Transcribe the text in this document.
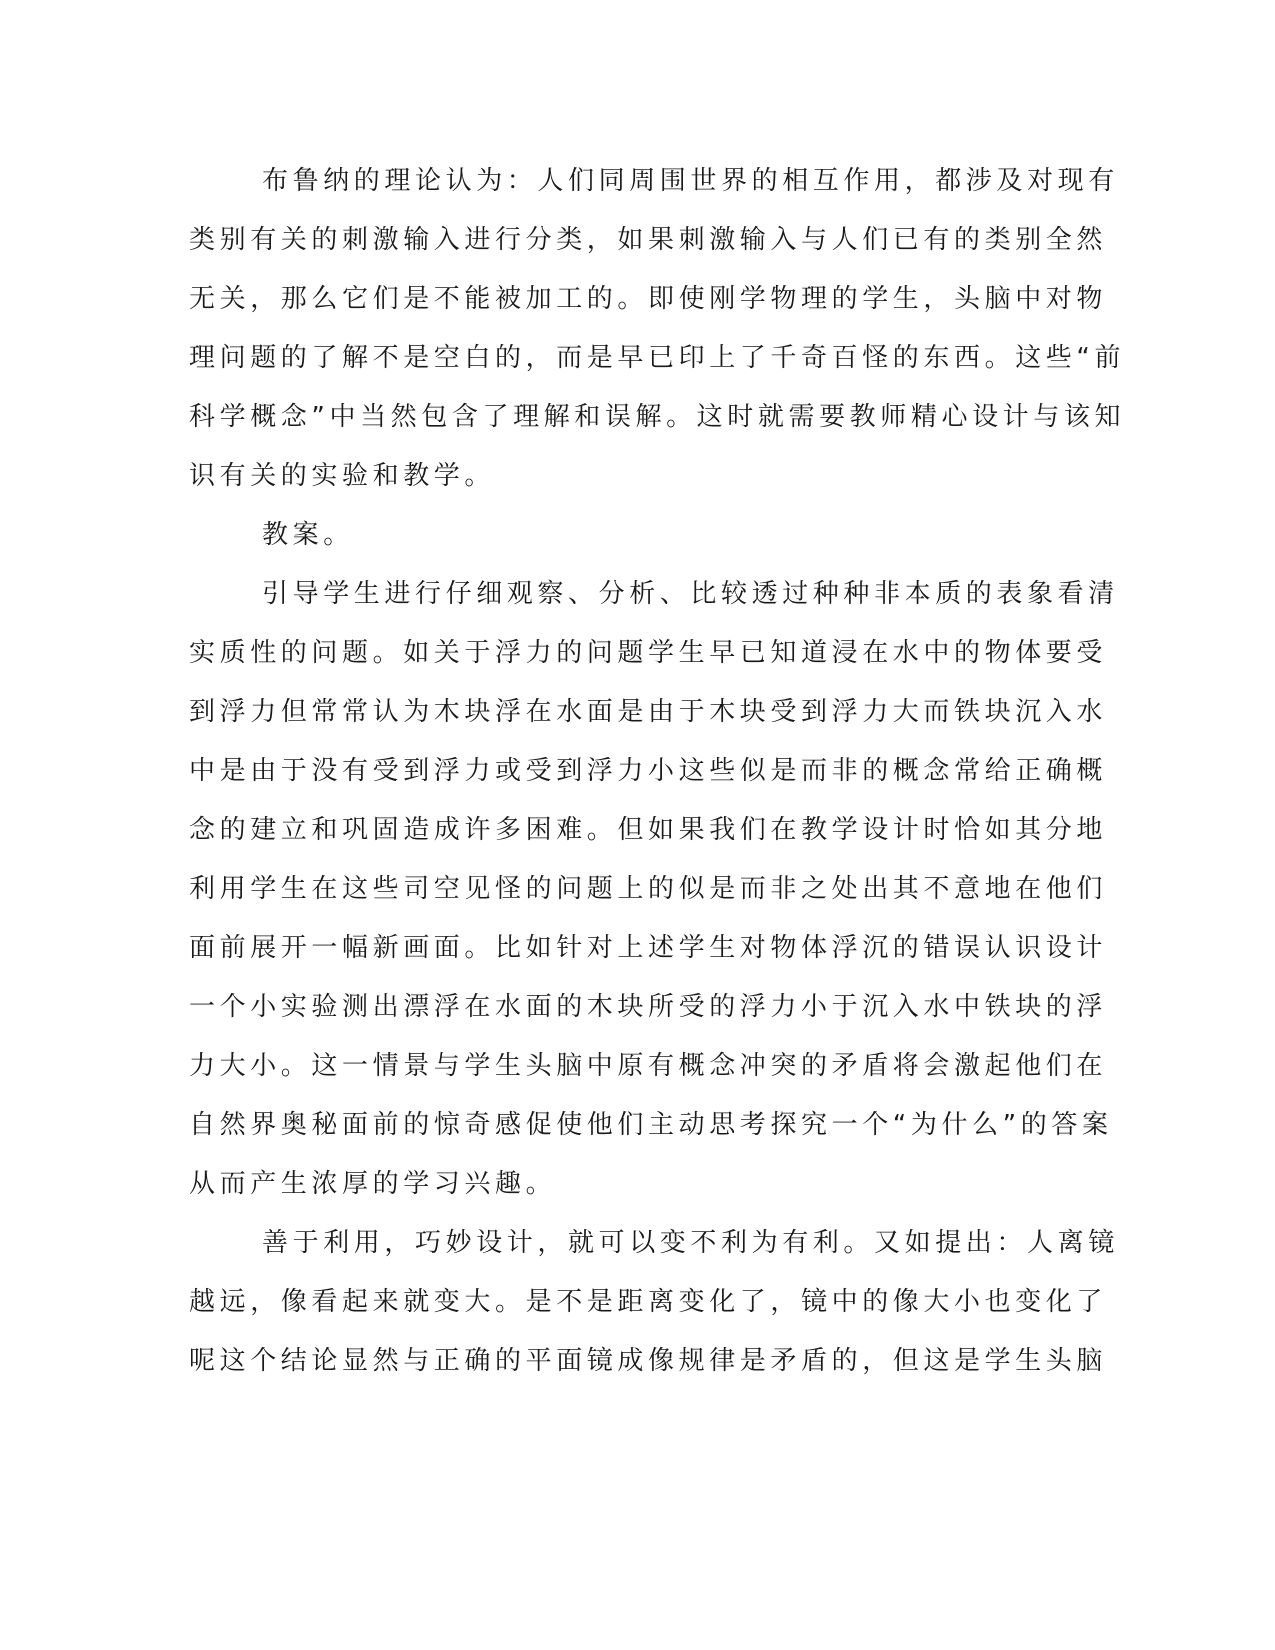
布鲁纳的理论认为：人们同周围世界的相互作用，都涉及对现有

类别有关的刺激输入进行分类，如果刺激输入与人们已有的类别全然

无关，那么它们是不能被加工的。即使刚学物理的学生，头脑中对物

理问题的了解不是空白的，而是早已印上了千奇百怪的东西。这些“前

科学概念”中当然包含了理解和误解。这时就需要教师精心设计与该知

识有关的实验和教学。

教案。

引导学生进行仔细观察、分析、比较透过种种非本质的表象看清

实质性的问题。如关于浮力的问题学生早已知道浸在水中的物体要受

到浮力但常常认为木块浮在水面是由于木块受到浮力大而铁块沉入水

中是由于没有受到浮力或受到浮力小这些似是而非的概念常给正确概

念的建立和巩固造成许多困难。但如果我们在教学设计时恰如其分地

利用学生在这些司空见怪的问题上的似是而非之处出其不意地在他们

面前展开一幅新画面。比如针对上述学生对物体浮沉的错误认识设计

一个小实验测出漂浮在水面的木块所受的浮力小于沉入水中铁块的浮

力大小。这一情景与学生头脑中原有概念冲突的矛盾将会激起他们在

自然界奥秘面前的惊奇感促使他们主动思考探究一个“为什么”的答案

从而产生浓厚的学习兴趣。

善于利用，巧妙设计，就可以变不利为有利。又如提出：人离镜

越远，像看起来就变大。是不是距离变化了，镜中的像大小也变化了

呢这个结论显然与正确的平面镜成像规律是矛盾的，但这是学生头脑
